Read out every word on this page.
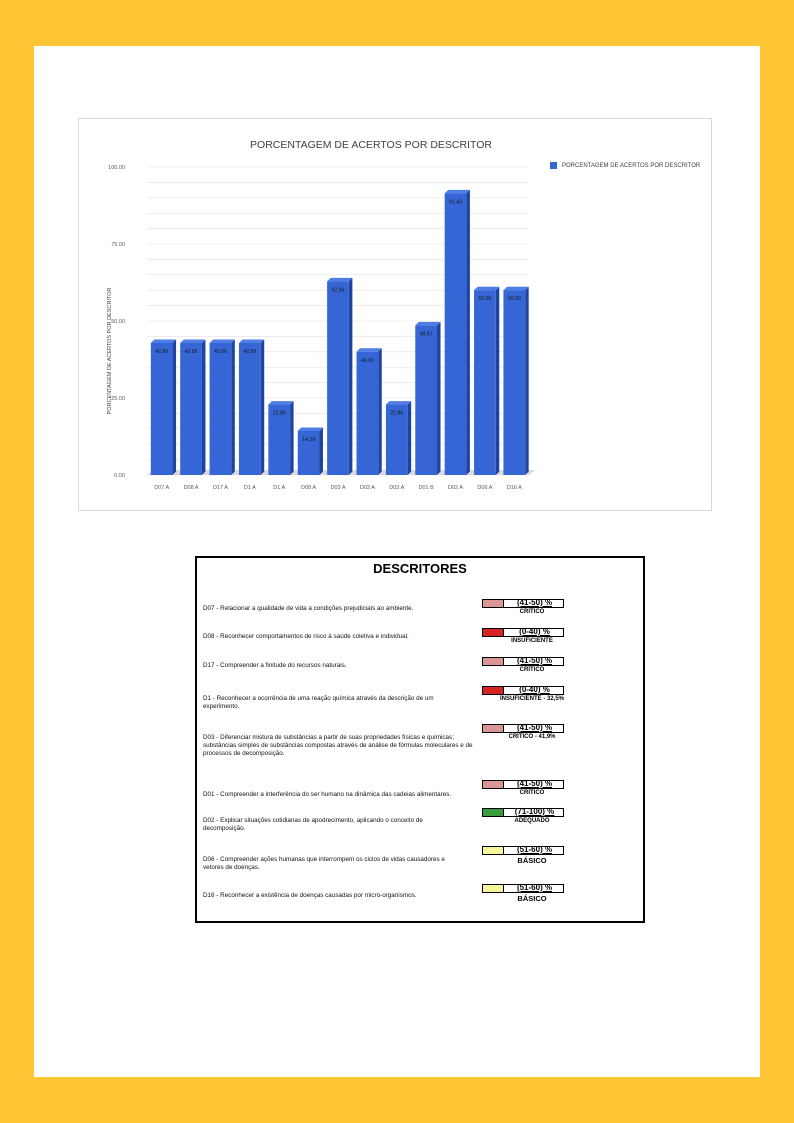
PORCENTAGEM DE ACERTOS POR DESCRITOR
0.00
25.00
50.00
75.00
100.00
PORCENTAGEM DE ACERTOS POR DESCRITOR	42.86
D07 A
42.86
D08 A
42.86
D17 A
42.86
D1 A
22.86
D1 A
14.29
D08 A
62.86
D03 A
40.00
D03 A
22.86
D03 A
48.57
D01 B
91.43
D02 A
60.00
D06 A
60.00
D16 A
PORCENTAGEM DE ACERTOS POR DESCRITOR
DESCRITORES
D07 - Relacionar a qualidade de vida a condições prejudiciais ao ambiente.
(41-50) %
CRÍTICO
D08 - Reconhecer comportamentos de risco à saúde coletiva e individual.
(0-40) %
INSUFICIENTE
D17 - Compreender a finitude do recursos naturais.
(41-50) %
CRÍTICO
D1 - Reconhecer a ocorrência de uma reação química através da descrição de um experimento.
(0-40) %
INSUFICIENTE - 32,5%
D03 - Diferenciar mistura de substâncias a partir de suas propriedades físicas e químicas; substâncias simples de substâncias compostas através de análise de fórmulas moleculares e de processos de decomposição.
(41-50) %
CRÍTICO - 41,9%
D01 - Compreender a interferência do ser humano na dinâmica das cadeias alimentares.
(41-50) %
CRÍTICO
D02 - Explicar situações cotidianas de apodrecimento, aplicando o conceito de decomposição.
(71-100) %
ADEQUADO
D06 - Compreender ações humanas que interrompem os ciclos de vidas causadores e vetores de doenças.
(51-60) %
BÁSICO
D16 - Reconhecer a existência de doenças causadas por micro-organismos.
(51-60) %
BÁSICO
